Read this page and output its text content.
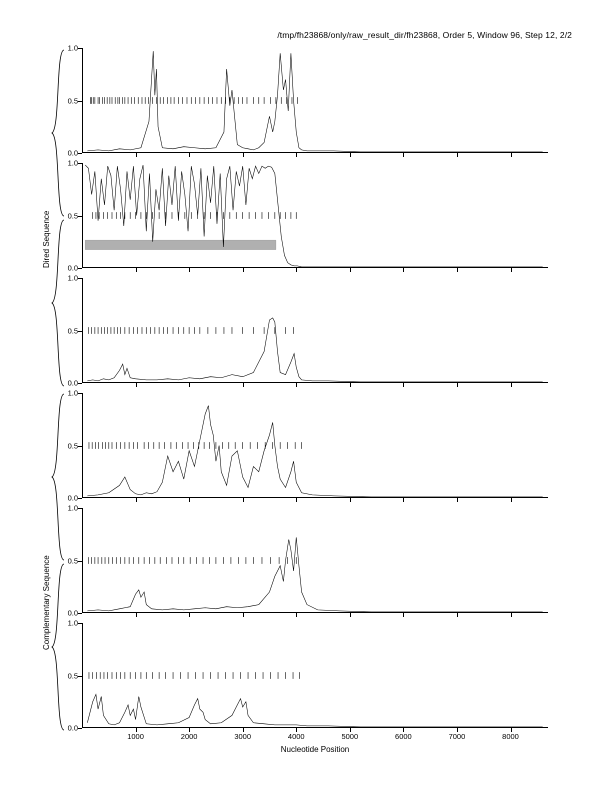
/tmp/fh23868/only/raw_result_dir/fh23868, Order 5, Window 96, Step 12, 2/2
Dired Sequence
Complementary Sequence
0.0
0.5
1.0
0.0
0.5
1.0
0.0
0.5
1.0
0.0
0.5
1.0
0.0
0.5
1.0
0.0
0.5
1.0
1000	2000	3000	4000	5000	6000	7000	8000
Nucleotide Position
